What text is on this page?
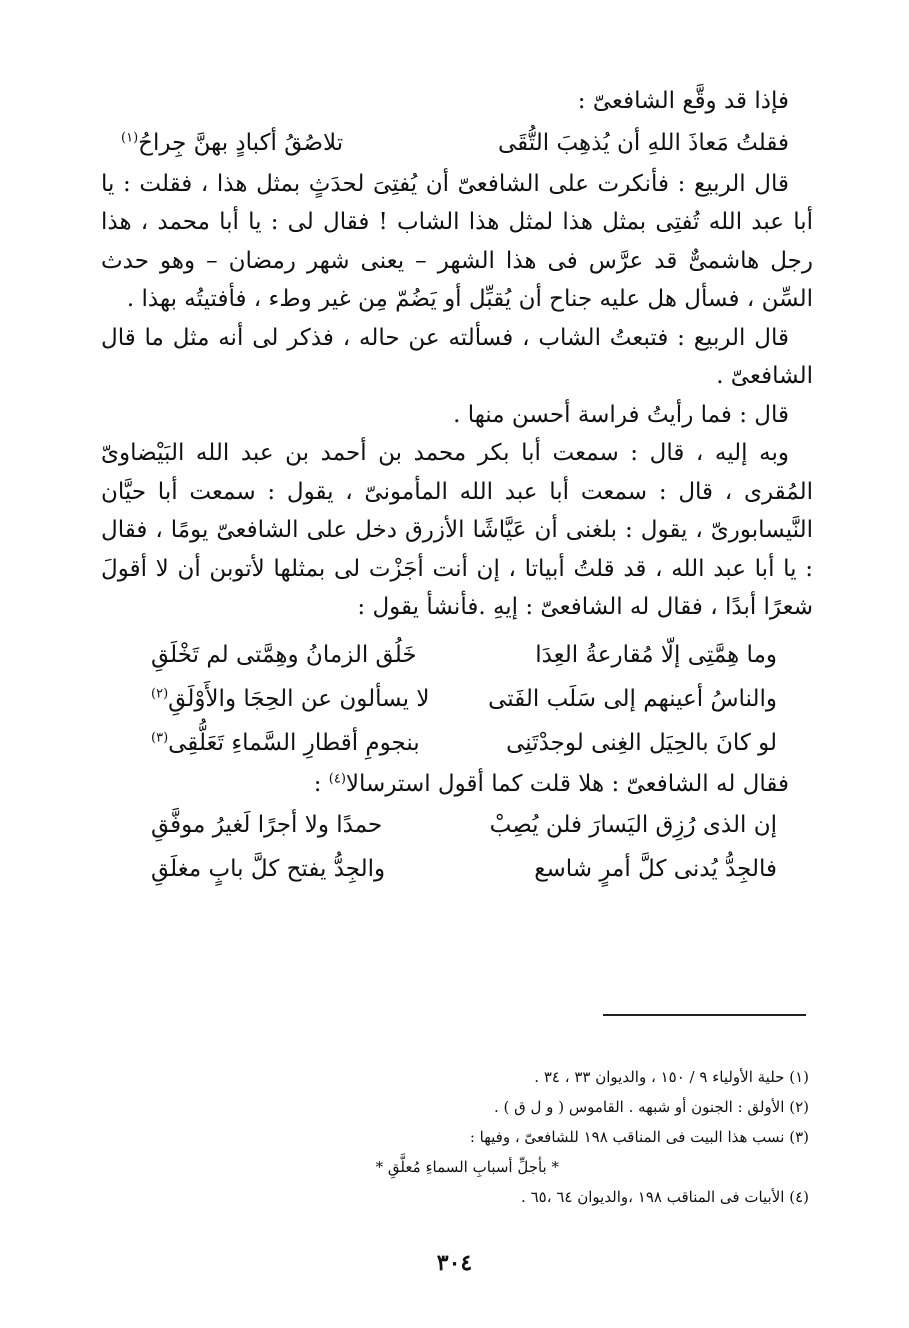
فإذا قد وقَّع الشافعىّ :

فقلتُ مَعاذَ اللهِ أن يُذهِبَ التُّقَى
تلاصُقُ أكبادٍ بهنَّ جِراحُ$^{(١)}$

قال الربيع : فأنكرت على الشافعىّ أن يُفتِىَ لحدَثٍ بمثل هذا ، فقلت : يا أبا عبد الله تُفتِى بمثل هذا لمثل هذا الشاب ! فقال لى : يا أبا محمد ، هذا رجل هاشمىٌّ قد عرَّس فى هذا الشهر – يعنى شهر رمضان – وهو حدث السِّن ، فسأل هل عليه جناح أن يُقبِّل أو يَضُمّ مِن غير وطء ، فأفتيتُه بهذا .

قال الربيع : فتبعتُ الشاب ، فسألته عن حاله ، فذكر لى أنه مثل ما قال الشافعىّ .

قال : فما رأيتُ فراسة أحسن منها .

وبه إليه ، قال : سمعت أبا بكر محمد بن أحمد بن عبد الله البَيْضاوىّ المُقرى ، قال : سمعت أبا عبد الله المأمونىّ ، يقول : سمعت أبا حيَّان النَّيسابورىّ ، يقول : بلغنى أن عَيَّاشًا الأزرق دخل على الشافعىّ يومًا ، فقال : يا أبا عبد الله ، قد قلتُ أبياتا ، إن أنت أجَزْت لى بمثلها لأتوبن أن لا أقولَ شعرًا أبدًا ، فقال له الشافعىّ : إيهِ .فأنشأ يقول :

وما هِمَّتِى إلّا مُقارعةُ العِدَا
خَلُق الزمانُ وهِمَّتى لم تَخْلَقِ
والناسُ أعينهم إلى سَلَب الفَتى
لا يسألون عن الحِجَا والأَوْلَقِ$^{(٢)}$
لو كانَ بالحِيَل الغِنى لوجدْتَنِى
بنجومِ أقطارِ السَّماءِ تَعَلُّقِى$^{(٣)}$

فقال له الشافعىّ : هلا قلت كما أقول استرسالا$^{(٤)}$ :

إن الذى رُزِق اليَسارَ فلن يُصِبْ
حمدًا ولا أجرًا لَغيرُ موفَّقِ
فالجِدُّ يُدنى كلَّ أمرٍ شاسع
والجِدُّ يفتح كلَّ بابٍ مغلَقِ

(١) حلية الأولياء ٩ / ١٥٠ ، والديوان ٣٣ ، ٣٤ .

(٢) الأولق : الجنون أو شبهه . القاموس ( و ل ق ) .

(٣) نسب هذا البيت فى المناقب ١٩٨ للشافعىّ ، وفيها :

* بأجلِّ أسبابِ السماءِ مُعلَّقِ *

(٤) الأبيات فى المناقب ١٩٨ ،والديوان ٦٤ ،٦٥ .

٣٠٤
